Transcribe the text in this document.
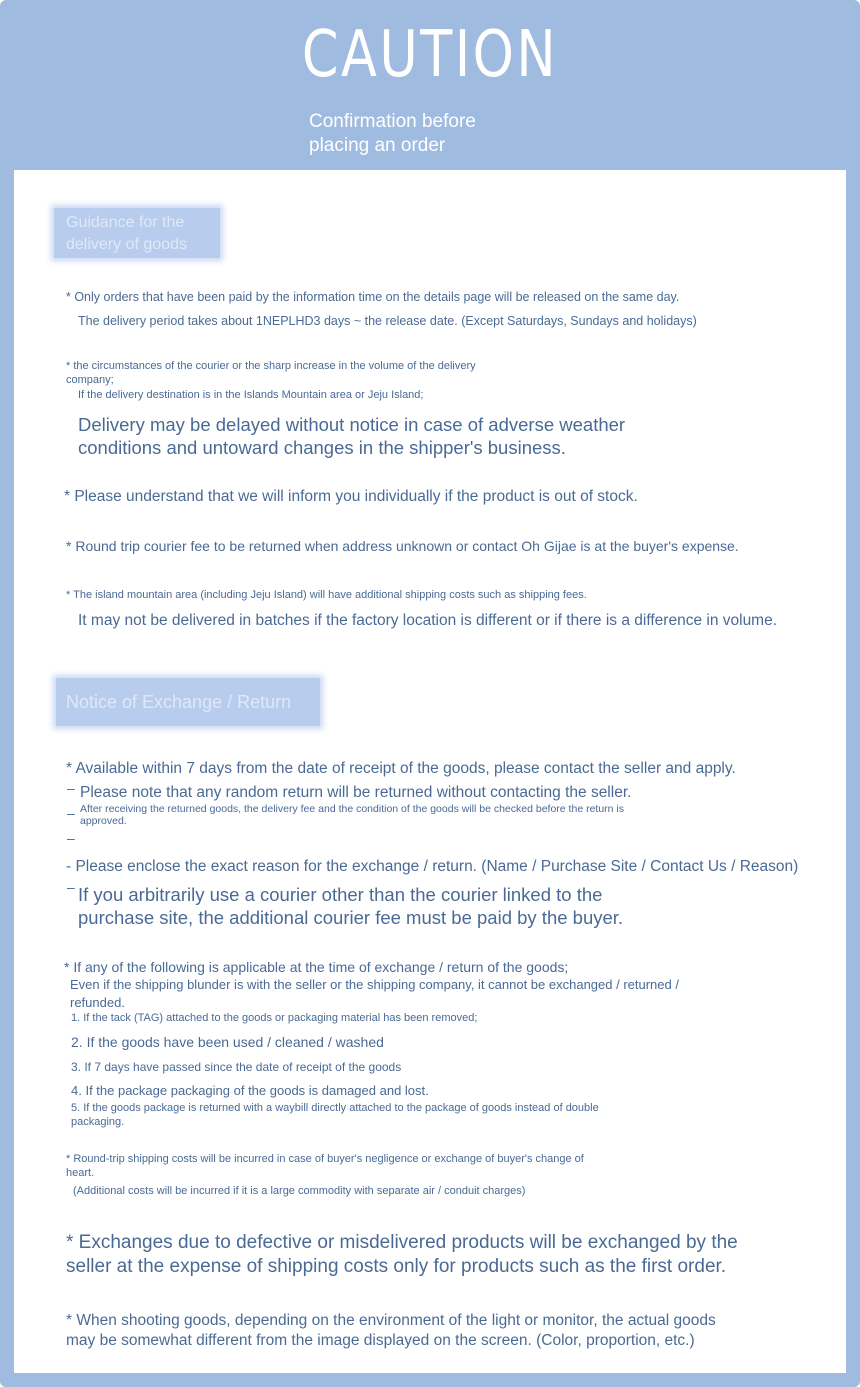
CAUTION
Confirmation before
placing an order
Guidance for the
delivery of goods
* Only orders that have been paid by the information time on the details page will be released on the same day.
The delivery period takes about 1NEPLHD3 days ~ the release date. (Except Saturdays, Sundays and holidays)
* the circumstances of the courier or the sharp increase in the volume of the delivery
company;
If the delivery destination is in the Islands Mountain area or Jeju Island;
Delivery may be delayed without notice in case of adverse weather
conditions and untoward changes in the shipper's business.
* Please understand that we will inform you individually if the product is out of stock.
* Round trip courier fee to be returned when address unknown or contact Oh Gijae is at the buyer's expense.
* The island mountain area (including Jeju Island) will have additional shipping costs such as shipping fees.
It may not be delivered in batches if the factory location is different or if there is a difference in volume.
Notice of Exchange / Return
* Available within 7 days from the date of receipt of the goods, please contact the seller and apply.
– Please note that any random return will be returned without contacting the seller.
– After receiving the returned goods, the delivery fee and the condition of the goods will be checked before the return is
approved.
–
- Please enclose the exact reason for the exchange / return. (Name / Purchase Site / Contact Us / Reason)
– If you arbitrarily use a courier other than the courier linked to the
purchase site, the additional courier fee must be paid by the buyer.
* If any of the following is applicable at the time of exchange / return of the goods;
Even if the shipping blunder is with the seller or the shipping company, it cannot be exchanged / returned /
refunded.
1. If the tack (TAG) attached to the goods or packaging material has been removed;
2. If the goods have been used / cleaned / washed
3. If 7 days have passed since the date of receipt of the goods
4. If the package packaging of the goods is damaged and lost.
5. If the goods package is returned with a waybill directly attached to the package of goods instead of double
packaging.
* Round-trip shipping costs will be incurred in case of buyer's negligence or exchange of buyer's change of
heart.
(Additional costs will be incurred if it is a large commodity with separate air / conduit charges)
* Exchanges due to defective or misdelivered products will be exchanged by the
seller at the expense of shipping costs only for products such as the first order.
* When shooting goods, depending on the environment of the light or monitor, the actual goods
may be somewhat different from the image displayed on the screen. (Color, proportion, etc.)
